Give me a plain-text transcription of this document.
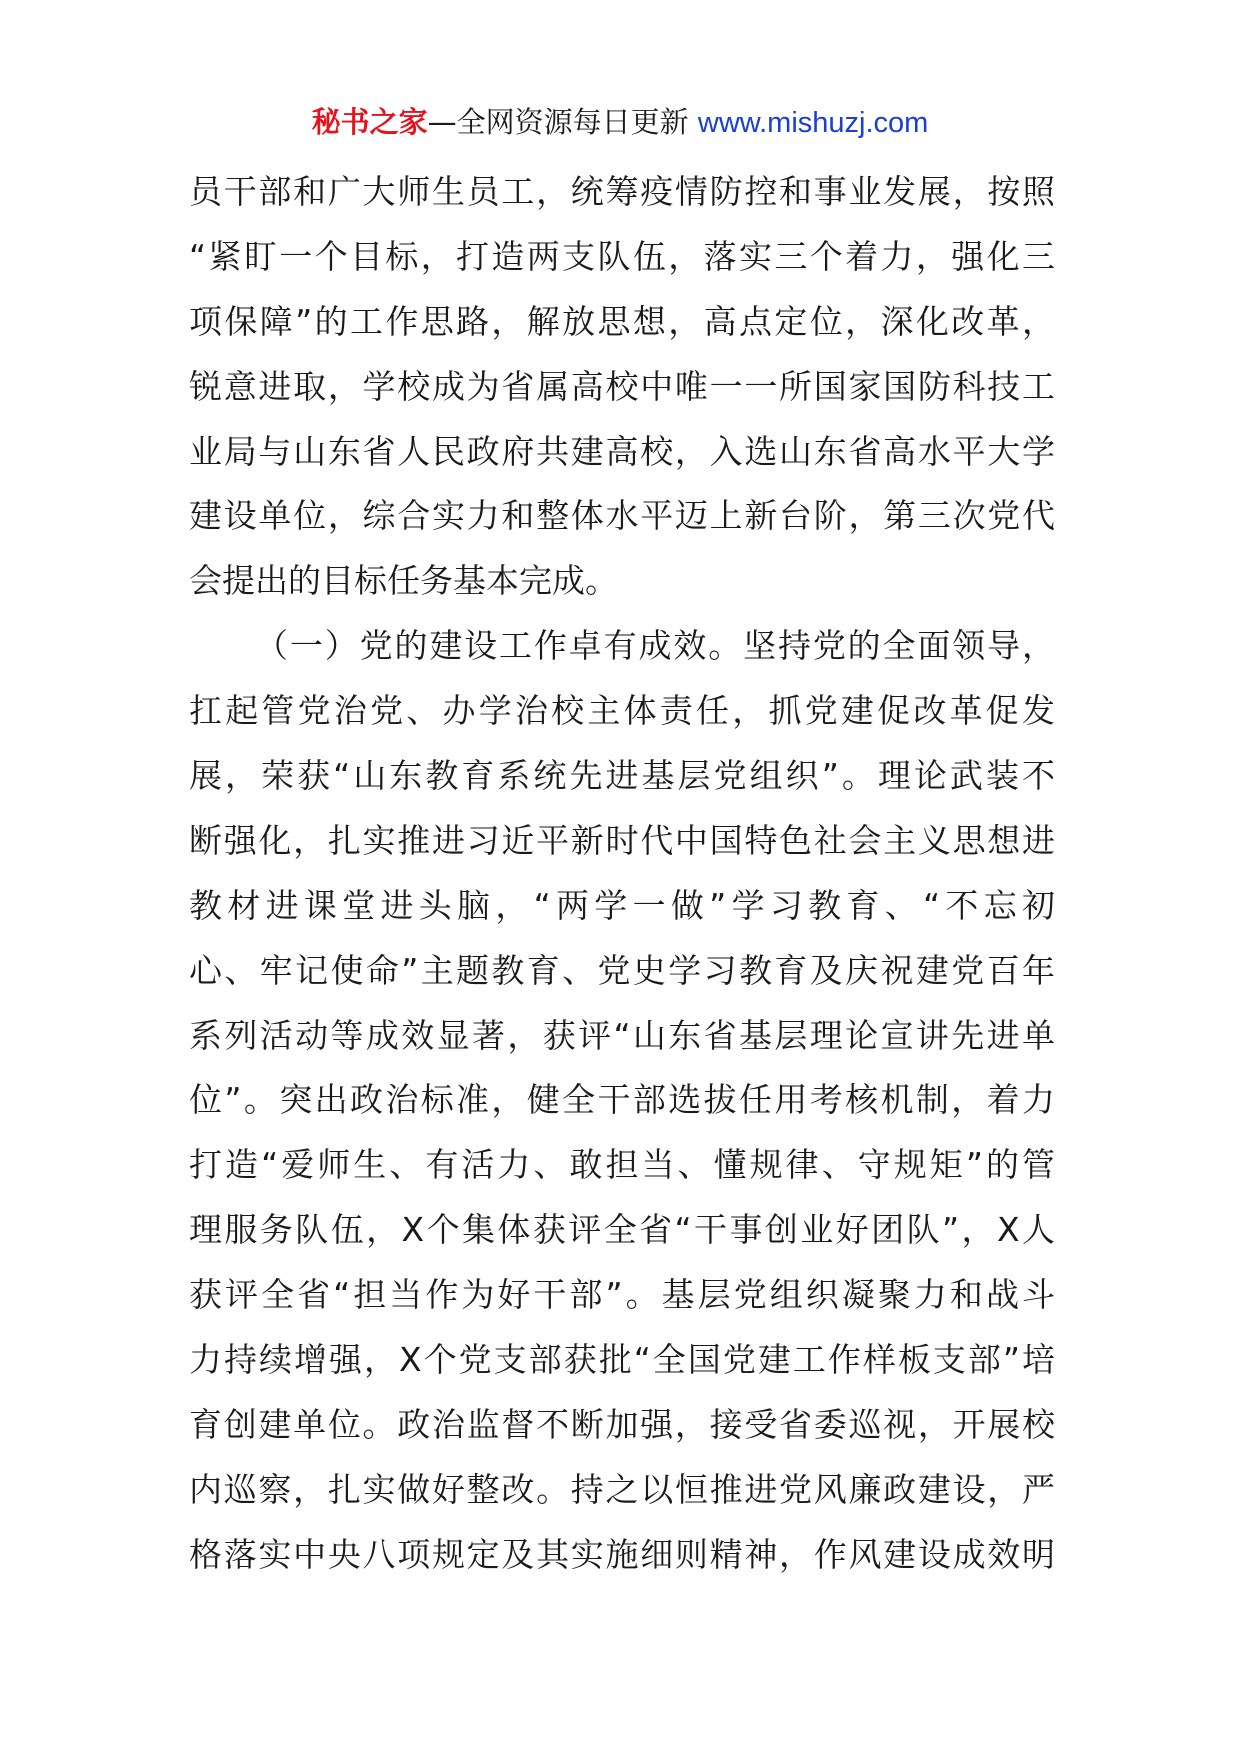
秘书之家—全网资源每日更新 www.mishuzj.com
员干部和广大师生员工，统筹疫情防控和事业发展，按照
“紧盯一个目标，打造两支队伍，落实三个着力，强化三
项保障”的工作思路，解放思想，高点定位，深化改革，
锐意进取，学校成为省属高校中唯一一所国家国防科技工
业局与山东省人民政府共建高校，入选山东省高水平大学
建设单位，综合实力和整体水平迈上新台阶，第三次党代
会提出的目标任务基本完成。
（一）党的建设工作卓有成效。坚持党的全面领导，
扛起管党治党、办学治校主体责任，抓党建促改革促发
展，荣获“山东教育系统先进基层党组织”。理论武装不
断强化，扎实推进习近平新时代中国特色社会主义思想进
教材进课堂进头脑，“两学一做”学习教育、“不忘初
心、牢记使命”主题教育、党史学习教育及庆祝建党百年
系列活动等成效显著，获评“山东省基层理论宣讲先进单
位”。突出政治标准，健全干部选拔任用考核机制，着力
打造“爱师生、有活力、敢担当、懂规律、守规矩”的管
理服务队伍，X个集体获评全省“干事创业好团队”，X人
获评全省“担当作为好干部”。基层党组织凝聚力和战斗
力持续增强，X个党支部获批“全国党建工作样板支部”培
育创建单位。政治监督不断加强，接受省委巡视，开展校
内巡察，扎实做好整改。持之以恒推进党风廉政建设，严
格落实中央八项规定及其实施细则精神，作风建设成效明
